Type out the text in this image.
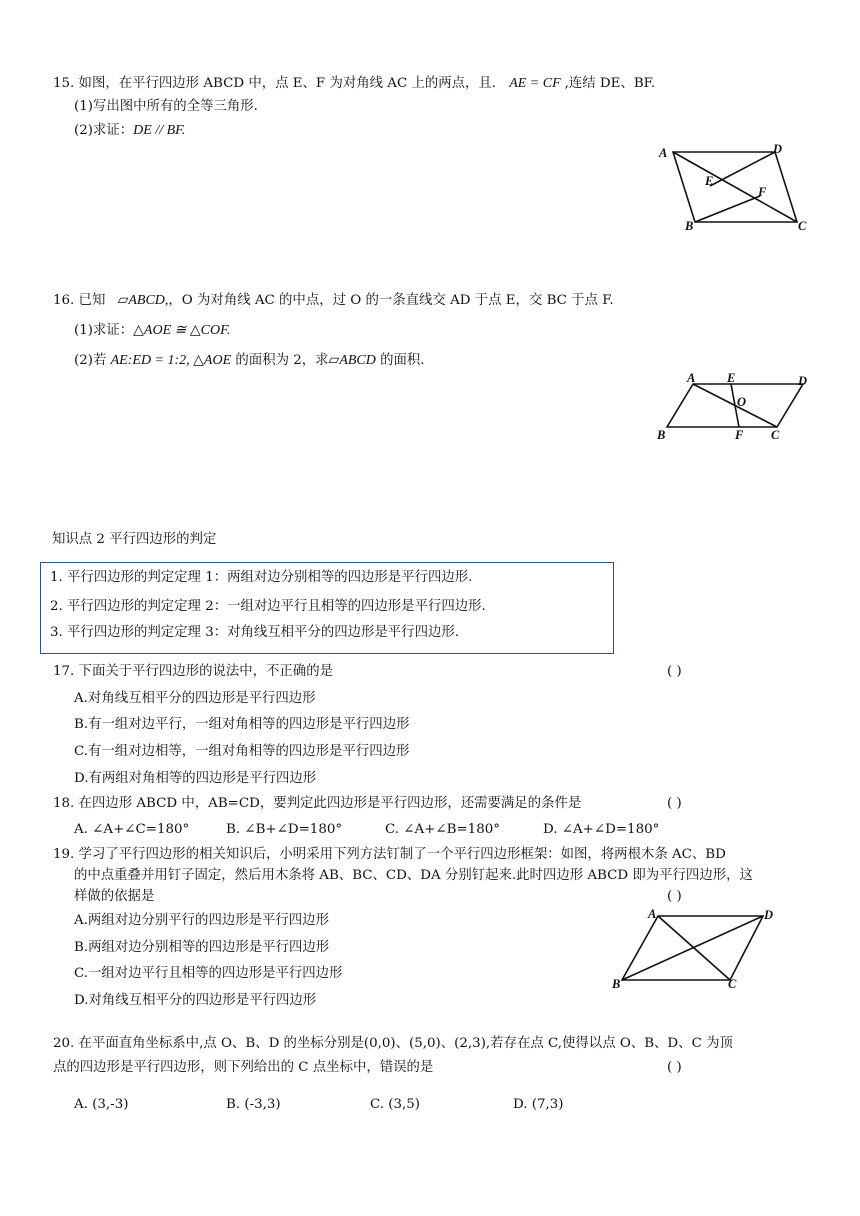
15. 如图，在平行四边形 ABCD 中，点 E、F 为对角线 AC 上的两点，且． AE = CF ,连结 DE、BF.
(1)写出图中所有的全等三角形.
(2)求证：DE // BF.
A	D
E
F
B	C
16. 已知 ▱ABCD,，O 为对角线 AC 的中点，过 O 的一条直线交 AD 于点 E，交 BC 于点 F.
(1)求证：△AOE ≅ △COF.
(2)若 AE:ED = 1:2, △AOE 的面积为 2，求▱ABCD 的面积.
A	E	D
O
B	F C
知识点 2 平行四边形的判定
1. 平行四边形的判定定理 1：两组对边分别相等的四边形是平行四边形.
2. 平行四边形的判定定理 2：一组对边平行且相等的四边形是平行四边形.
3. 平行四边形的判定定理 3：对角线互相平分的四边形是平行四边形.
17. 下面关于平行四边形的说法中，不正确的是	( )
A.对角线互相平分的四边形是平行四边形
B.有一组对边平行，一组对角相等的四边形是平行四边形
C.有一组对边相等，一组对角相等的四边形是平行四边形
D.有两组对角相等的四边形是平行四边形
18. 在四边形 ABCD 中，AB=CD，要判定此四边形是平行四边形，还需要满足的条件是	( )
A. ∠A+∠C=180°	B. ∠B+∠D=180°	C. ∠A+∠B=180°	D. ∠A+∠D=180°
19. 学习了平行四边形的相关知识后，小明采用下列方法钉制了一个平行四边形框架：如图，将两根木条 AC、BD
的中点重叠并用钉子固定，然后用木条将 AB、BC、CD、DA 分别钉起来.此时四边形 ABCD 即为平行四边形，这
样做的依据是	( )
A.两组对边分别平行的四边形是平行四边形
B.两组对边分别相等的四边形是平行四边形
C.一组对边平行且相等的四边形是平行四边形
D.对角线互相平分的四边形是平行四边形
A	D
B	C
20. 在平面直角坐标系中,点 O、B、D 的坐标分别是(0,0)、(5,0)、(2,3),若存在点 C,使得以点 O、B、D、C 为顶
点的四边形是平行四边形，则下列给出的 C 点坐标中，错误的是	( )
A. (3,-3)	B. (-3,3)	C. (3,5)	D. (7,3)
